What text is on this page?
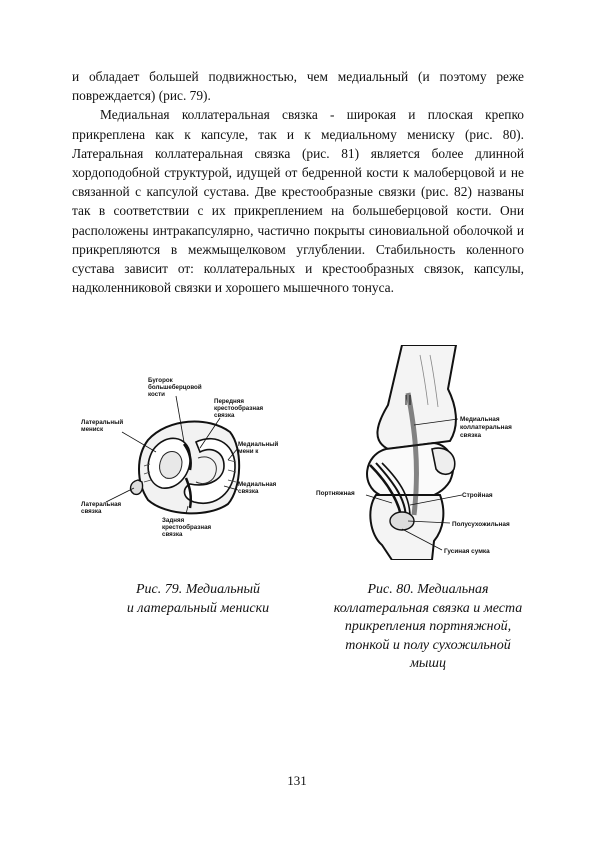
и обладает большей подвижностью, чем медиальный (и поэтому реже повреждается) (рис. 79).

Медиальная коллатеральная связка - широкая и плоская крепко прикреплена как к капсуле, так и к медиальному мениску (рис. 80). Латеральная коллатеральная связка (рис. 81) является более длинной хордоподобной структурой, идущей от бедренной кости к малоберцовой и не связанной с капсулой сустава. Две крестообразные связки (рис. 82) названы так в соответствии с их прикреплением на большеберцовой кости. Они расположены интракапсулярно, частично покрыты синовиальной оболочкой и прикрепляются в межмыщелковом углублении. Стабильность коленного сустава зависит от: коллатеральных и крестообразных связок, капсулы, надколенниковой связки и хорошего мышечного тонуса.

Бугорок
большеберцовой
кости
Передняя
крестообразная
связка
Латеральный
мениск
Медиальный
мени к
Медиальная
связка
Латеральная
связка
Задняя
крестообразная
связка
Медиальная
коллатеральная
связка
Портняжная	Стройная
Полусухожильная
Гусиная сумка
Рис. 79. Медиальный
и латеральный мениски
Рис. 80. Медиальная
коллатеральная связка и места
прикрепления портняжной,
тонкой и полу сухожильной
мышц
131
